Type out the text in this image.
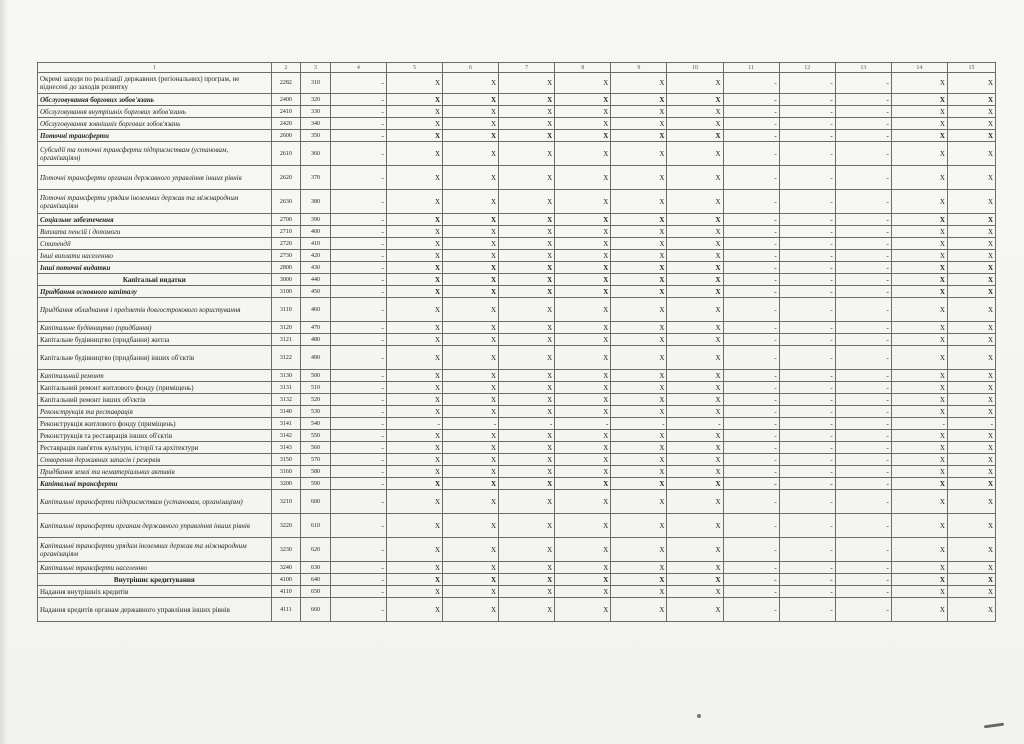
1	2	3	4	5	6	7	8	9	10	11	12	13	14	15
Окремі заходи по реалізації державних (регіональних) програм, не віднесені до заходів розвитку	2282	310	-	X	X	X	X	X	X	-	-	-	X	X
Обслуговування боргових зобов'язань	2400	320	-	X	X	X	X	X	X	-	-	-	X	X
Обслуговування внутрішніх боргових зобов'язань	2410	330	-	X	X	X	X	X	X	-	-	-	X	X
Обслуговування зовнішніх боргових зобов'язань	2420	340	-	X	X	X	X	X	X	-	-	-	X	X
Поточні трансферти	2600	350	-	X	X	X	X	X	X	-	-	-	X	X
Субсидії та поточні трансферти підприємствам (установам, організаціям)	2610	360	-	X	X	X	X	X	X	-	-	-	X	X
Поточні трансферти органам державного управління інших рівнів	2620	370	-	X	X	X	X	X	X	-	-	-	X	X
Поточні трансферти урядам іноземних держав та міжнародним організаціям	2630	380	-	X	X	X	X	X	X	-	-	-	X	X
Соціальне забезпечення	2700	390	-	X	X	X	X	X	X	-	-	-	X	X
Виплата пенсій і допомоги	2710	400	-	X	X	X	X	X	X	-	-	-	X	X
Стипендії	2720	410	-	X	X	X	X	X	X	-	-	-	X	X
Інші виплати населенню	2730	420	-	X	X	X	X	X	X	-	-	-	X	X
Інші поточні видатки	2800	430	-	X	X	X	X	X	X	-	-	-	X	X
Капітальні видатки	3000	440	-	X	X	X	X	X	X	-	-	-	X	X
Придбання основного капіталу	3100	450	-	X	X	X	X	X	X	-	-	-	X	X
Придбання обладнання і предметів довгострокового користування	3110	460	-	X	X	X	X	X	X	-	-	-	X	X
Капітальне будівництво (придбання)	3120	470	-	X	X	X	X	X	X	-	-	-	X	X
Капітальне будівництво (придбання) житла	3121	480	-	X	X	X	X	X	X	-	-	-	X	X
Капітальне будівництво (придбання) інших об'єктів	3122	490	-	X	X	X	X	X	X	-	-	-	X	X
Капітальний ремонт	3130	500	-	X	X	X	X	X	X	-	-	-	X	X
Капітальний ремонт житлового фонду (приміщень)	3131	510	-	X	X	X	X	X	X	-	-	-	X	X
Капітальний ремонт інших об'єктів	3132	520	-	X	X	X	X	X	X	-	-	-	X	X
Реконструкція та реставрація	3140	530	-	X	X	X	X	X	X	-	-	-	X	X
Реконструкція житлового фонду (приміщень)	3141	540	-	-	-	-	-	-	-	-	-	-	-	-
Реконструкція та реставрація інших об'єктів	3142	550	-	X	X	X	X	X	X	-	-	-	X	X
Реставрація пам'яток культури, історії та архітектури	3143	560	-	X	X	X	X	X	X	-	-	-	X	X
Створення державних запасів і резервів	3150	570	-	X	X	X	X	X	X	-	-	-	X	X
Придбання землі та нематеріальних активів	3160	580	-	X	X	X	X	X	X	-	-	-	X	X
Капітальні трансферти	3200	590	-	X	X	X	X	X	X	-	-	-	X	X
Капітальні трансферти підприємствам (установам, організаціям)	3210	600	-	X	X	X	X	X	X	-	-	-	X	X
Капітальні трансферти органам державного управління інших рівнів	3220	610	-	X	X	X	X	X	X	-	-	-	X	X
Капітальні трансферти урядам іноземних держав та міжнародним організаціям	3230	620	-	X	X	X	X	X	X	-	-	-	X	X
Капітальні трансферти населенню	3240	630	-	X	X	X	X	X	X	-	-	-	X	X
Внутрішнє кредитування	4100	640	-	X	X	X	X	X	X	-	-	-	X	X
Надання внутрішніх кредитів	4110	650	-	X	X	X	X	X	X	-	-	-	X	X
Надання кредитів органам державного управління інших рівнів	4111	660	-	X	X	X	X	X	X	-	-	-	X	X
